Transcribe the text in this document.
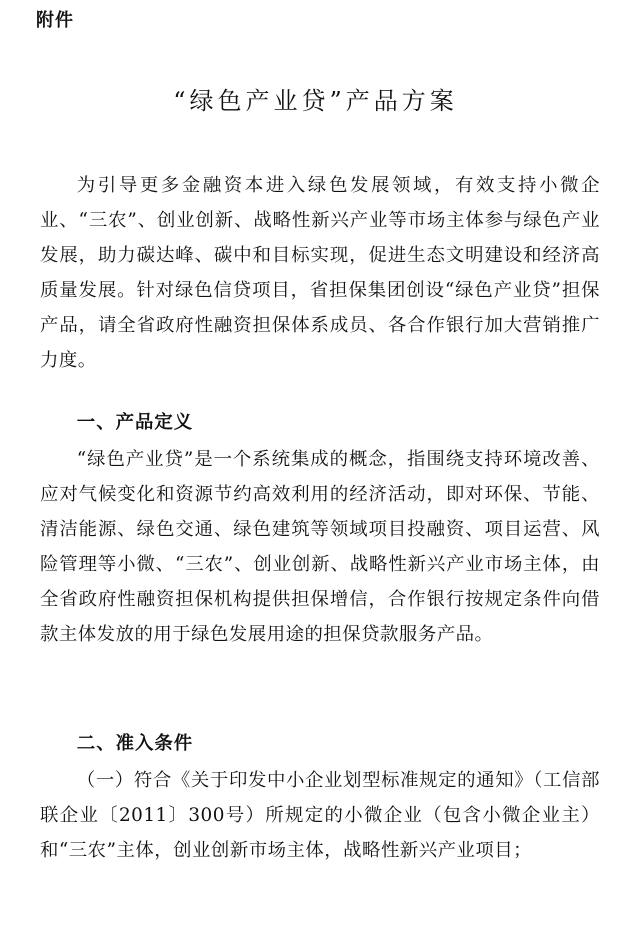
附件
“绿色产业贷”产品方案

为引导更多金融资本进入绿色发展领域，有效支持小微企业、“三农”、创业创新、战略性新兴产业等市场主体参与绿色产业发展，助力碳达峰、碳中和目标实现，促进生态文明建设和经济高质量发展。针对绿色信贷项目，省担保集团创设“绿色产业贷”担保产品，请全省政府性融资担保体系成员、各合作银行加大营销推广力度。

一、产品定义

“绿色产业贷”是一个系统集成的概念，指围绕支持环境改善、应对气候变化和资源节约高效利用的经济活动，即对环保、节能、清洁能源、绿色交通、绿色建筑等领域项目投融资、项目运营、风险管理等小微、“三农”、创业创新、战略性新兴产业市场主体，由全省政府性融资担保机构提供担保增信，合作银行按规定条件向借款主体发放的用于绿色发展用途的担保贷款服务产品。

二、准入条件

（一）符合《关于印发中小企业划型标准规定的通知》（工信部联企业〔2011〕300号）所规定的小微企业（包含小微企业主）和“三农”主体，创业创新市场主体，战略性新兴产业项目；
